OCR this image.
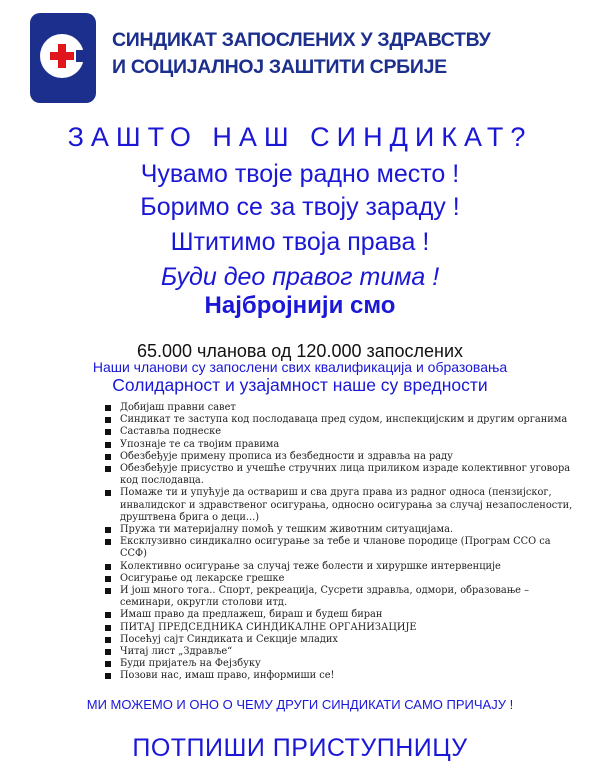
СИНДИКАТ ЗАПОСЛЕНИХ У ЗДРАВСТВУ
И СОЦИЈАЛНОЈ ЗАШТИТИ СРБИЈЕ
ЗАШТО НАШ СИНДИКАТ?
Чувамо твоје радно место !
Боримо се за твоју зараду !
Штитимо твоја права !
Буди део правог тима !
Најбројнији смо
65.000 чланова од 120.000 запослених
Наши чланови су запослени свих квалификација и образовања
Солидарност и узајамност наше су вредности
Добијаш правни савет
Синдикат те заступа код послодаваца пред судом, инспекцијским и другим органима
Саставља поднеске
Упознаје те са твојим правима
Обезбеђује примену прописа из безбедности и здравља на раду
Обезбеђује присуство и учешће стручних лица приликом израде колективног уговора код послодавца.
Помаже ти и упућује да оствариш и сва друга права из радног односа (пензијског, инвалидског и здравственог осигурања, односно осигурања за случај незапослености, друштвена брига о деци...)
Пружа ти материјалну помоћ у тешким животним ситуацијама.
Ексклузивно синдикално осигурање за тебе и чланове породице (Програм ССО са ССФ)
Колективно осигурање за случај теже болести и хируршке интервенције
Осигурање од лекарске грешке
И још много тога.. Спорт, рекреација, Сусрети здравља, одмори, образовање – семинари, округли столови итд.
Имаш право да предлажеш, бираш и будеш биран
ПИТАЈ ПРЕДСЕДНИКА СИНДИКАЛНЕ ОРГАНИЗАЦИЈЕ
Посећуј сајт Синдиката и Секције младих
Читај лист „Здравље“
Буди пријатељ на Фејзбуку
Позови нас, имаш право, информиши се!
МИ МОЖЕМО И ОНО О ЧЕМУ ДРУГИ СИНДИКАТИ САМО ПРИЧАЈУ !
ПОТПИШИ ПРИСТУПНИЦУ
